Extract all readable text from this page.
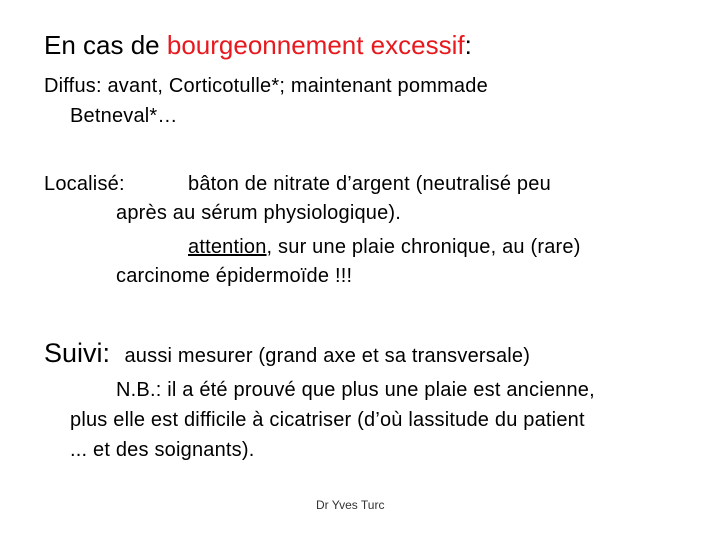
En cas de bourgeonnement excessif:
Diffus: avant, Corticotulle*; maintenant pommade
Betneval*…
Localisé:	bâton de nitrate d’argent (neutralisé peu
après au sérum physiologique).
attention, sur une plaie chronique, au (rare)
carcinome épidermoïde !!!
Suivi: aussi mesurer (grand axe et sa transversale)
N.B.: il a été prouvé que plus une plaie est ancienne,
plus elle est difficile à cicatriser (d’où lassitude du patient
... et des soignants).
Dr Yves Turc
